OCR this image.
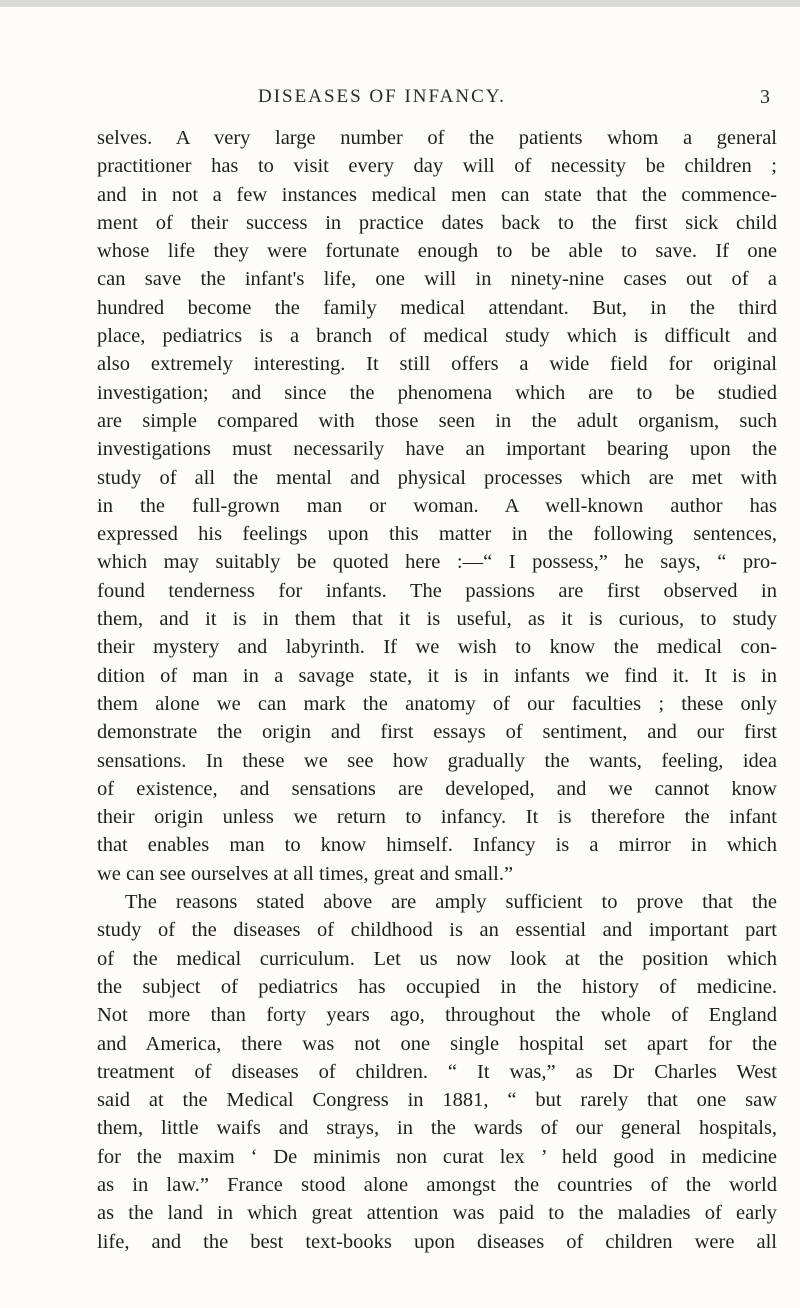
DISEASES OF INFANCY.	3
selves. A very large number of the patients whom a general
practitioner has to visit every day will of necessity be children ;
and in not a few instances medical men can state that the commence-
ment of their success in practice dates back to the first sick child
whose life they were fortunate enough to be able to save. If one
can save the infant's life, one will in ninety-nine cases out of a
hundred become the family medical attendant. But, in the third
place, pediatrics is a branch of medical study which is difficult and
also extremely interesting. It still offers a wide field for original
investigation; and since the phenomena which are to be studied
are simple compared with those seen in the adult organism, such
investigations must necessarily have an important bearing upon the
study of all the mental and physical processes which are met with
in the full-grown man or woman. A well-known author has
expressed his feelings upon this matter in the following sentences,
which may suitably be quoted here :—“ I possess,” he says, “ pro-
found tenderness for infants. The passions are first observed in
them, and it is in them that it is useful, as it is curious, to study
their mystery and labyrinth. If we wish to know the medical con-
dition of man in a savage state, it is in infants we find it. It is in
them alone we can mark the anatomy of our faculties ; these only
demonstrate the origin and first essays of sentiment, and our first
sensations. In these we see how gradually the wants, feeling, idea
of existence, and sensations are developed, and we cannot know
their origin unless we return to infancy. It is therefore the infant
that enables man to know himself. Infancy is a mirror in which
we can see ourselves at all times, great and small.”
The reasons stated above are amply sufficient to prove that the
study of the diseases of childhood is an essential and important part
of the medical curriculum. Let us now look at the position which
the subject of pediatrics has occupied in the history of medicine.
Not more than forty years ago, throughout the whole of England
and America, there was not one single hospital set apart for the
treatment of diseases of children. “ It was,” as Dr Charles West
said at the Medical Congress in 1881, “ but rarely that one saw
them, little waifs and strays, in the wards of our general hospitals,
for the maxim ‘ De minimis non curat lex ’ held good in medicine
as in law.” France stood alone amongst the countries of the world
as the land in which great attention was paid to the maladies of early
life, and the best text-books upon diseases of children were all
